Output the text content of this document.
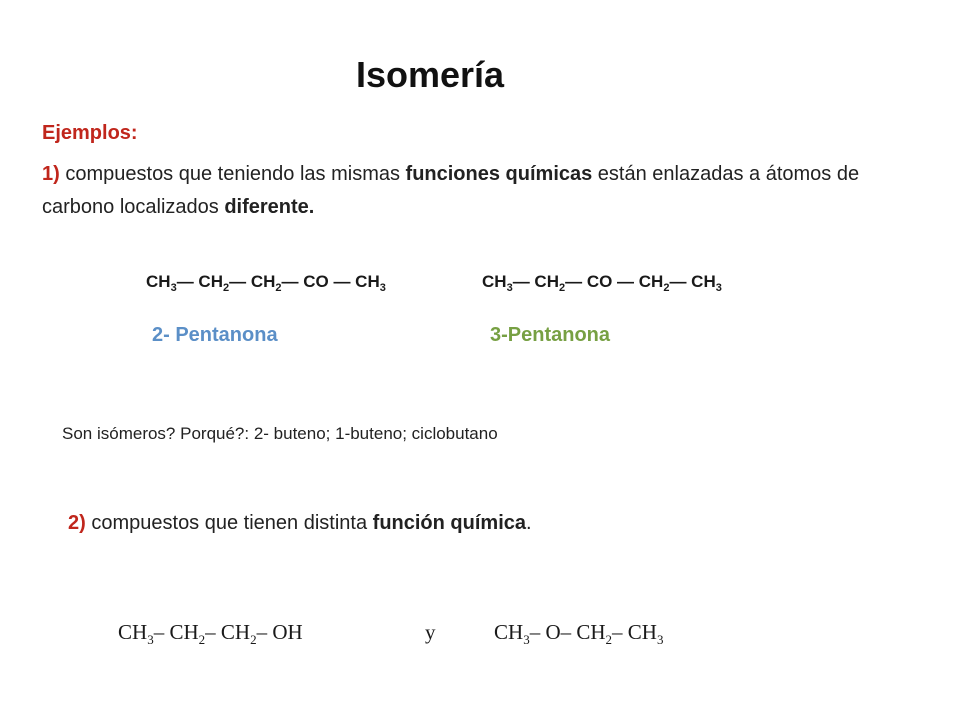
Isomería
Ejemplos:
1) compuestos que teniendo las mismas funciones químicas están enlazadas a átomos de carbono localizados diferente.
$CH_3—$ $CH_2—$ $CH_2—$ CO — $CH_3$	$CH_3—$ $CH_2—$ CO — $CH_2—$ $CH_3$
2- Pentanona	3-Pentanona
Son isómeros? Porqué?: 2- buteno; 1-buteno; ciclobutano
2) compuestos que tienen distinta función química.
$CH_3-$ $CH_2-$ $CH_2-$ OH	y	$CH_3-$ O– $CH_2-$ $CH_3$
